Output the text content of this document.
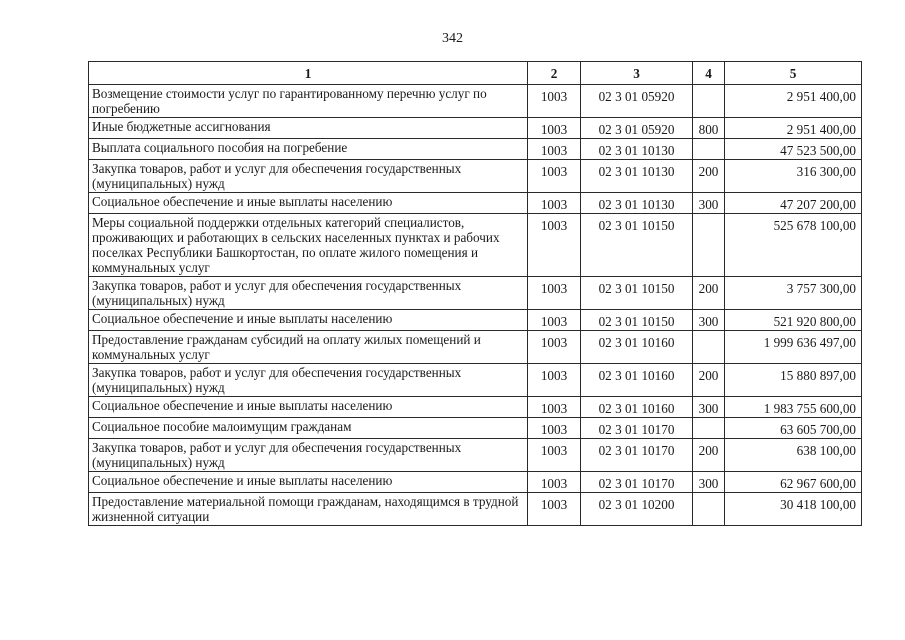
342
1	2	3	4	5
Возмещение стоимости услуг по гарантированному перечню услуг по погребению	1003	02 3 01 05920		2 951 400,00
Иные бюджетные ассигнования	1003	02 3 01 05920	800	2 951 400,00
Выплата социального пособия на погребение	1003	02 3 01 10130		47 523 500,00
Закупка товаров, работ и услуг для обеспечения государственных (муниципальных) нужд	1003	02 3 01 10130	200	316 300,00
Социальное обеспечение и иные выплаты населению	1003	02 3 01 10130	300	47 207 200,00
Меры социальной поддержки отдельных категорий специалистов, проживающих и работающих в сельских населенных пунктах и рабочих поселках Республики Башкортостан, по оплате жилого помещения и коммунальных услуг	1003	02 3 01 10150		525 678 100,00
Закупка товаров, работ и услуг для обеспечения государственных (муниципальных) нужд	1003	02 3 01 10150	200	3 757 300,00
Социальное обеспечение и иные выплаты населению	1003	02 3 01 10150	300	521 920 800,00
Предоставление гражданам субсидий на оплату жилых помещений и коммунальных услуг	1003	02 3 01 10160		1 999 636 497,00
Закупка товаров, работ и услуг для обеспечения государственных (муниципальных) нужд	1003	02 3 01 10160	200	15 880 897,00
Социальное обеспечение и иные выплаты населению	1003	02 3 01 10160	300	1 983 755 600,00
Социальное пособие малоимущим гражданам	1003	02 3 01 10170		63 605 700,00
Закупка товаров, работ и услуг для обеспечения государственных (муниципальных) нужд	1003	02 3 01 10170	200	638 100,00
Социальное обеспечение и иные выплаты населению	1003	02 3 01 10170	300	62 967 600,00
Предоставление материальной помощи гражданам, находящимся в трудной жизненной ситуации	1003	02 3 01 10200		30 418 100,00
